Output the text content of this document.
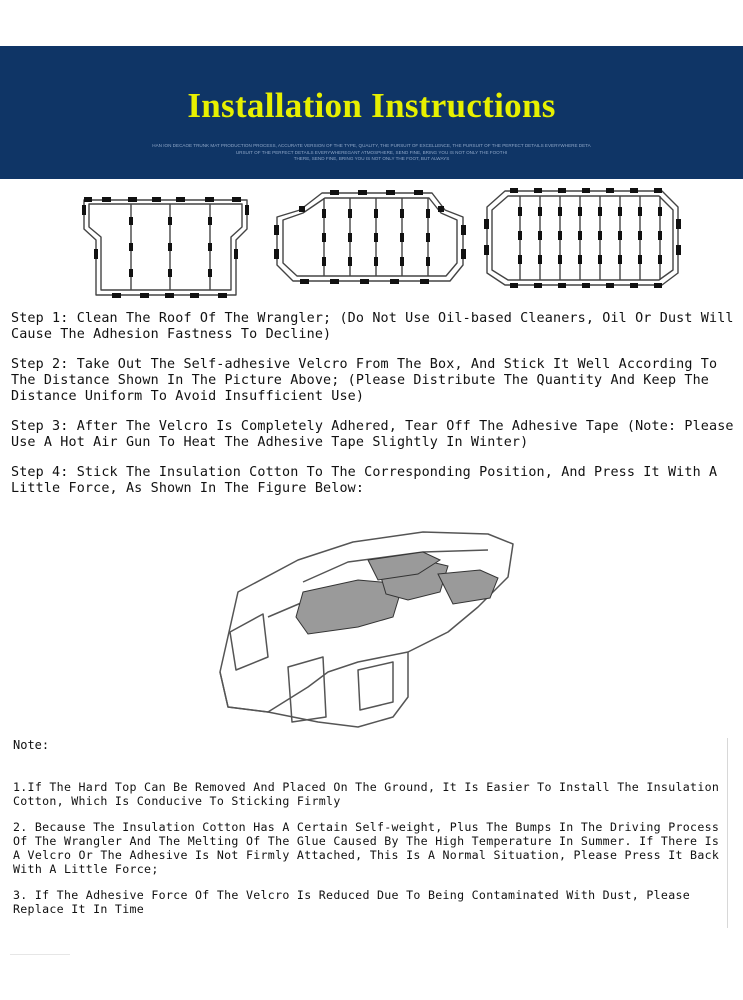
Installation Instructions
HAN ION DECAOE TRUNK MAT PRODUCTION PROCESS, ACCURATE VERSION OF THE TYPE, QUALITY, THE PURSUIT OF EXCELLENCE, THE PURSUIT OF THE PERFECT DETAILS EVERYWHERE DETA
URSUIT OF THE PERFECT DETAILS EVERYWHEREGANT ATMOSPHERE, SEND FINE, BRING YOU IS NOT ONLY THE FOOTHI
THERE, SEND FINE, BRING YOU IS NOT ONLY THE FOOT, BUT ALWAYS
Step 1: Clean The Roof Of The Wrangler; (Do Not Use Oil-based Cleaners, Oil Or Dust Will Cause The Adhesion Fastness To Decline)
Step 2: Take Out The Self-adhesive Velcro From The Box, And Stick It Well According To The Distance Shown In The Picture Above; (Please Distribute The Quantity And Keep The Distance Uniform To Avoid Insufficient Use)
Step 3: After The Velcro Is Completely Adhered, Tear Off The Adhesive Tape (Note: Please Use A Hot Air Gun To Heat The Adhesive Tape Slightly In Winter)
Step 4: Stick The Insulation Cotton To The Corresponding Position, And Press It With A Little Force, As Shown In The Figure Below:
Note:
1.If The Hard Top Can Be Removed And Placed On The Ground, It Is Easier To Install The Insulation Cotton, Which Is Conducive To Sticking Firmly
2. Because The Insulation Cotton Has A Certain Self-weight, Plus The Bumps In The Driving Process Of The Wrangler And The Melting Of The Glue Caused By The High Temperature In Summer. If There Is A Velcro Or The Adhesive Is Not Firmly Attached, This Is A Normal Situation, Please Press It Back With A Little Force;
3. If The Adhesive Force Of The Velcro Is Reduced Due To Being Contaminated With Dust, Please Replace It In Time
